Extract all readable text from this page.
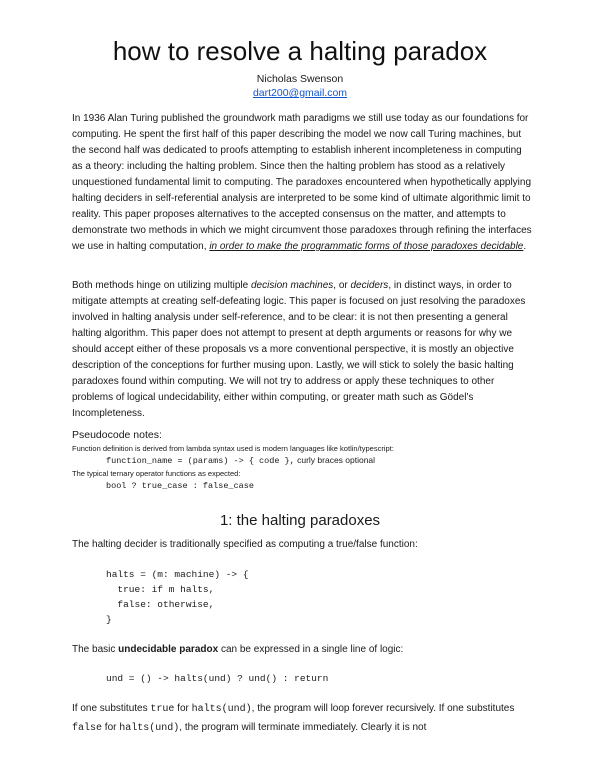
how to resolve a halting paradox
Nicholas Swenson
dart200@gmail.com

In 1936 Alan Turing published the groundwork math paradigms we still use today as our foundations for computing. He spent the first half of this paper describing the model we now call Turing machines, but the second half was dedicated to proofs attempting to establish inherent incompleteness in computing as a theory: including the halting problem. Since then the halting problem has stood as a relatively unquestioned fundamental limit to computing. The paradoxes encountered when hypothetically applying halting deciders in self-referential analysis are interpreted to be some kind of ultimate algorithmic limit to reality. This paper proposes alternatives to the accepted consensus on the matter, and attempts to demonstrate two methods in which we might circumvent those paradoxes through refining the interfaces we use in halting computation, in order to make the programmatic forms of those paradoxes decidable.

Both methods hinge on utilizing multiple decision machines, or deciders, in distinct ways, in order to mitigate attempts at creating self-defeating logic. This paper is focused on just resolving the paradoxes involved in halting analysis under self-reference, and to be clear: it is not then presenting a general halting algorithm. This paper does not attempt to present at depth arguments or reasons for why we should accept either of these proposals vs a more conventional perspective, it is mostly an objective description of the conceptions for further musing upon. Lastly, we will stick to solely the basic halting paradoxes found within computing. We will not try to address or apply these techniques to other problems of logical undecidability, either within computing, or greater math such as Gödel's Incompleteness.

Pseudocode notes:
Function definition is derived from lambda syntax used is modern languages like kotlin/typescript:
function_name = (params) -> { code }, curly braces optional
The typical ternary operator functions as expected:
bool ? true_case : false_case
1: the halting paradoxes
The halting decider is traditionally specified as computing a true/false function:
halts = (m: machine) -> {
true: if m halts,
false: otherwise,
}
The basic undecidable paradox can be expressed in a single line of logic:
und = () -> halts(und) ? und() : return

If one substitutes true for halts(und), the program will loop forever recursively. If one substitutes false for halts(und), the program will terminate immediately. Clearly it is not
